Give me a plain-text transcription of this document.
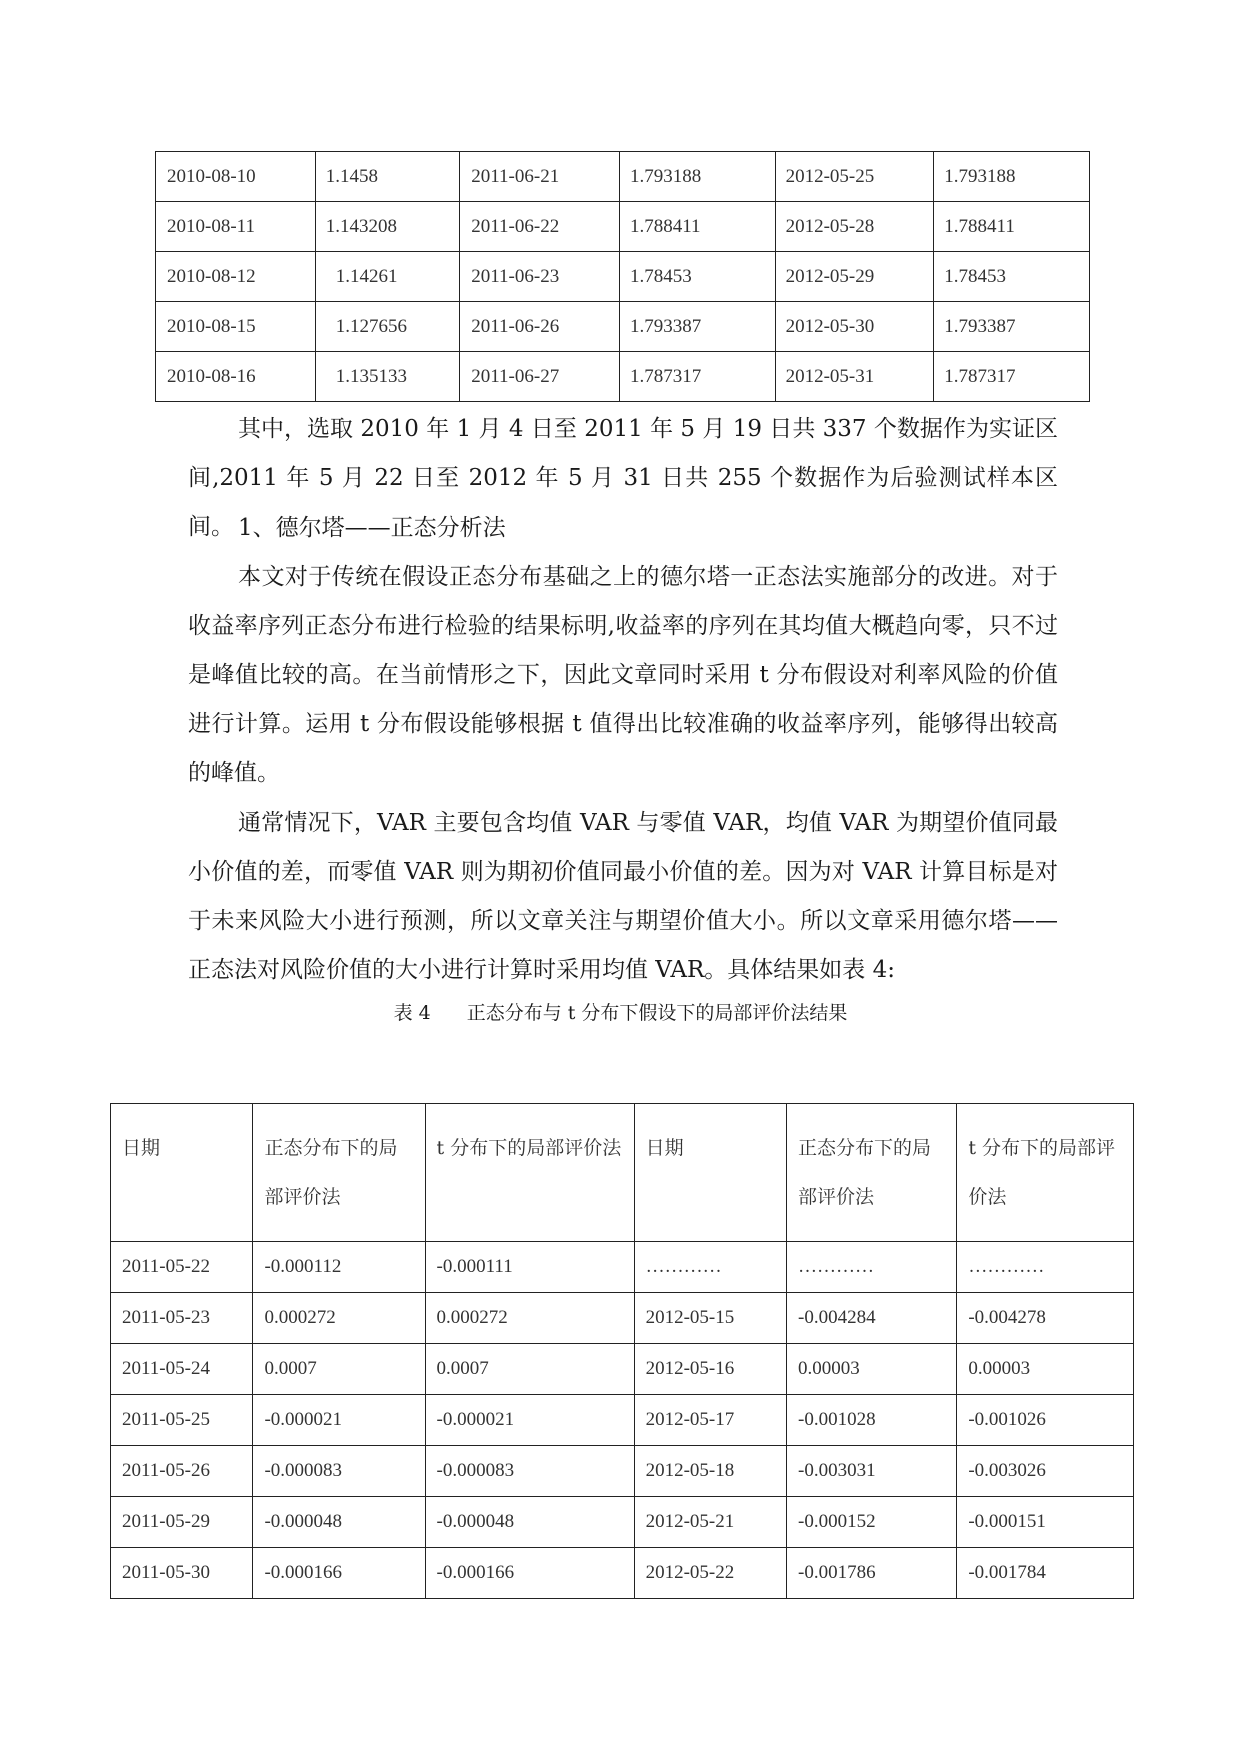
2010-08-10	1.1458	2011-06-21	1.793188	2012-05-25	1.793188
2010-08-11	1.143208	2011-06-22	1.788411	2012-05-28	1.788411
2010-08-12	1.14261	2011-06-23	1.78453	2012-05-29	1.78453
2010-08-15	1.127656	2011-06-26	1.793387	2012-05-30	1.793387
2010-08-16	1.135133	2011-06-27	1.787317	2012-05-31	1.787317

其中，选取 2010 年 1 月 4 日至 2011 年 5 月 19 日共 337 个数据作为实证区间,2011 年 5 月 22 日至 2012 年 5 月 31 日共 255 个数据作为后验测试样本区间。 1、德尔塔——正态分析法

本文对于传统在假设正态分布基础之上的德尔塔一正态法实施部分的改进。对于收益率序列正态分布进行检验的结果标明,收益率的序列在其均值大概趋向零，只不过是峰值比较的高。在当前情形之下，因此文章同时采用 t 分布假设对利率风险的价值进行计算。运用 t 分布假设能够根据 t 值得出比较准确的收益率序列，能够得出较高的峰值。

通常情况下，VAR 主要包含均值 VAR 与零值 VAR，均值 VAR 为期望价值同最小价值的差，而零值 VAR 则为期初价值同最小价值的差。因为对 VAR 计算目标是对于未来风险大小进行预测，所以文章关注与期望价值大小。所以文章采用德尔塔——正态法对风险价值的大小进行计算时采用均值 VAR。具体结果如表 4:

表 4 正态分布与 t 分布下假设下的局部评价法结果
日期	正态分布下的局部评价法	t 分布下的局部评价法	日期	正态分布下的局部评价法	t 分布下的局部评价法
2011-05-22	-0.000112	-0.000111	…………	…………	…………
2011-05-23	0.000272	0.000272	2012-05-15	-0.004284	-0.004278
2011-05-24	0.0007	0.0007	2012-05-16	0.00003	0.00003
2011-05-25	-0.000021	-0.000021	2012-05-17	-0.001028	-0.001026
2011-05-26	-0.000083	-0.000083	2012-05-18	-0.003031	-0.003026
2011-05-29	-0.000048	-0.000048	2012-05-21	-0.000152	-0.000151
2011-05-30	-0.000166	-0.000166	2012-05-22	-0.001786	-0.001784
